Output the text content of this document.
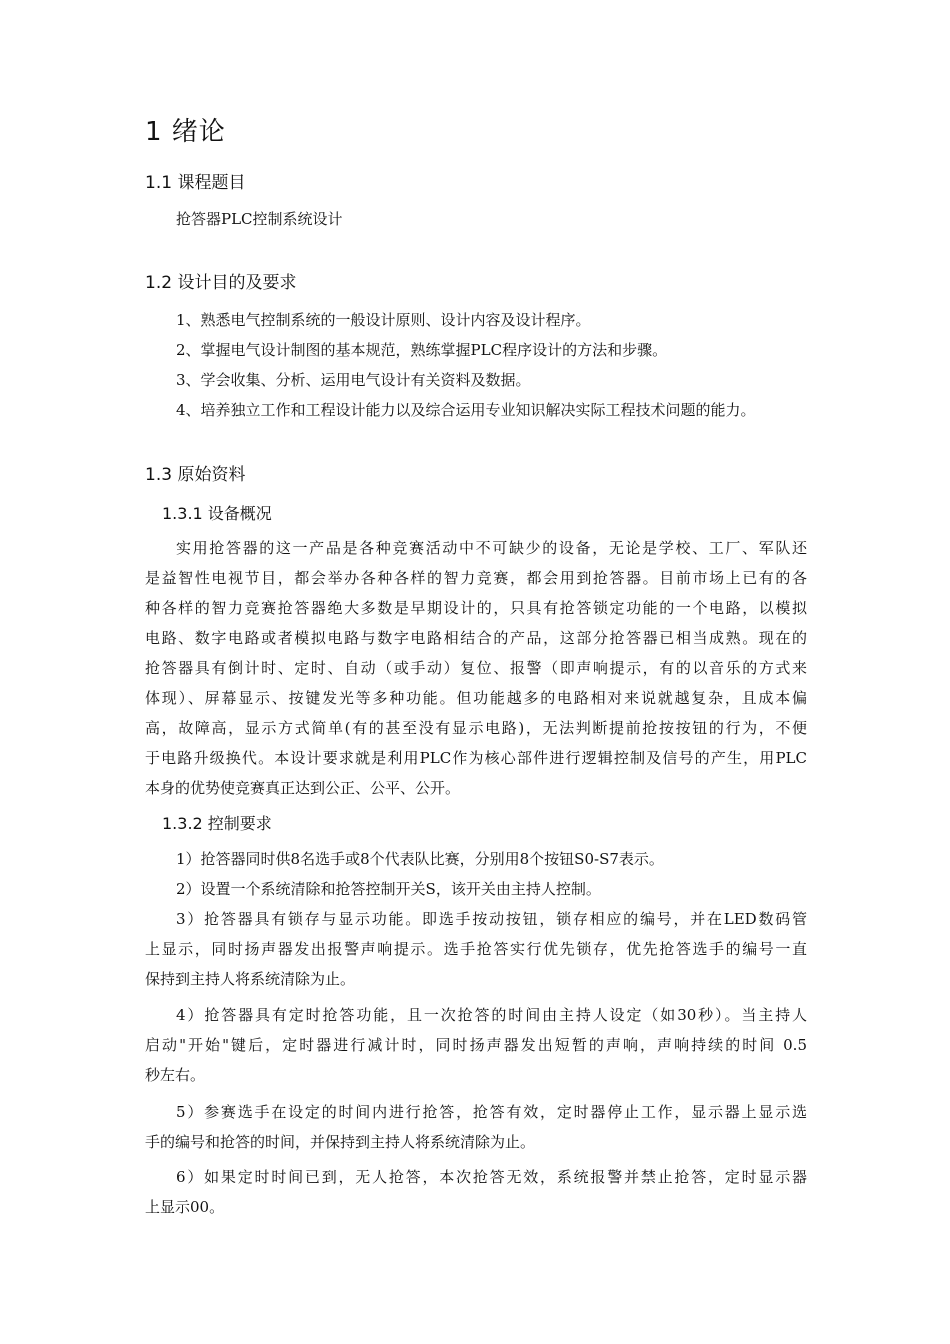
1 绪论
1.1 课程题目
抢答器PLC控制系统设计
1.2 设计目的及要求
1、熟悉电气控制系统的一般设计原则、设计内容及设计程序。
2、掌握电气设计制图的基本规范，熟练掌握PLC程序设计的方法和步骤。
3、学会收集、分析、运用电气设计有关资料及数据。
4、培养独立工作和工程设计能力以及综合运用专业知识解决实际工程技术问题的能力。
1.3 原始资料
1.3.1 设备概况
实用抢答器的这一产品是各种竞赛活动中不可缺少的设备，无论是学校、工厂、军队还
是益智性电视节目，都会举办各种各样的智力竞赛，都会用到抢答器。目前市场上已有的各
种各样的智力竞赛抢答器绝大多数是早期设计的，只具有抢答锁定功能的一个电路，以模拟
电路、数字电路或者模拟电路与数字电路相结合的产品，这部分抢答器已相当成熟。现在的
抢答器具有倒计时、定时、自动（或手动）复位、报警（即声响提示，有的以音乐的方式来
体现）、屏幕显示、按键发光等多种功能。但功能越多的电路相对来说就越复杂，且成本偏
高，故障高，显示方式简单(有的甚至没有显示电路)，无法判断提前抢按按钮的行为，不便
于电路升级换代。本设计要求就是利用PLC作为核心部件进行逻辑控制及信号的产生，用PLC
本身的优势使竞赛真正达到公正、公平、公开。
1.3.2 控制要求
1）抢答器同时供8名选手或8个代表队比赛，分别用8个按钮S0-S7表示。
2）设置一个系统清除和抢答控制开关S，该开关由主持人控制。
3）抢答器具有锁存与显示功能。即选手按动按钮，锁存相应的编号，并在LED数码管
上显示，同时扬声器发出报警声响提示。选手抢答实行优先锁存，优先抢答选手的编号一直
保持到主持人将系统清除为止。
4）抢答器具有定时抢答功能，且一次抢答的时间由主持人设定（如30秒）。当主持人
启动"开始"键后，定时器进行减计时，同时扬声器发出短暂的声响，声响持续的时间 0.5
秒左右。
5）参赛选手在设定的时间内进行抢答，抢答有效，定时器停止工作，显示器上显示选
手的编号和抢答的时间，并保持到主持人将系统清除为止。
6）如果定时时间已到，无人抢答，本次抢答无效，系统报警并禁止抢答，定时显示器
上显示00。
